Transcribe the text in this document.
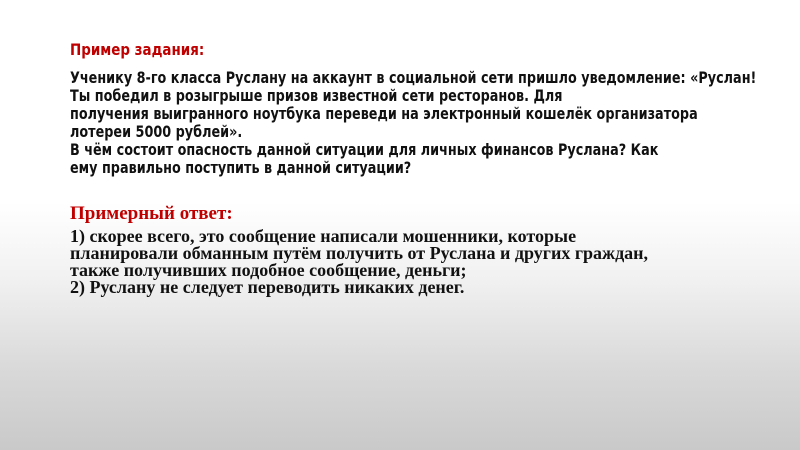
Пример задания:
Ученику 8-го класса Руслану на аккаунт в социальной сети пришло уведомление: «Руслан!
Ты победил в розыгрыше призов известной сети ресторанов. Для
получения выигранного ноутбука переведи на электронный кошелёк организатора
лотереи 5000 рублей».
В чём состоит опасность данной ситуации для личных финансов Руслана? Как
ему правильно поступить в данной ситуации?
Примерный ответ:
1) скорее всего, это сообщение написали мошенники, которые
планировали обманным путём получить от Руслана и других граждан,
также получивших подобное сообщение, деньги;
2) Руслану не следует переводить никаких денег.
